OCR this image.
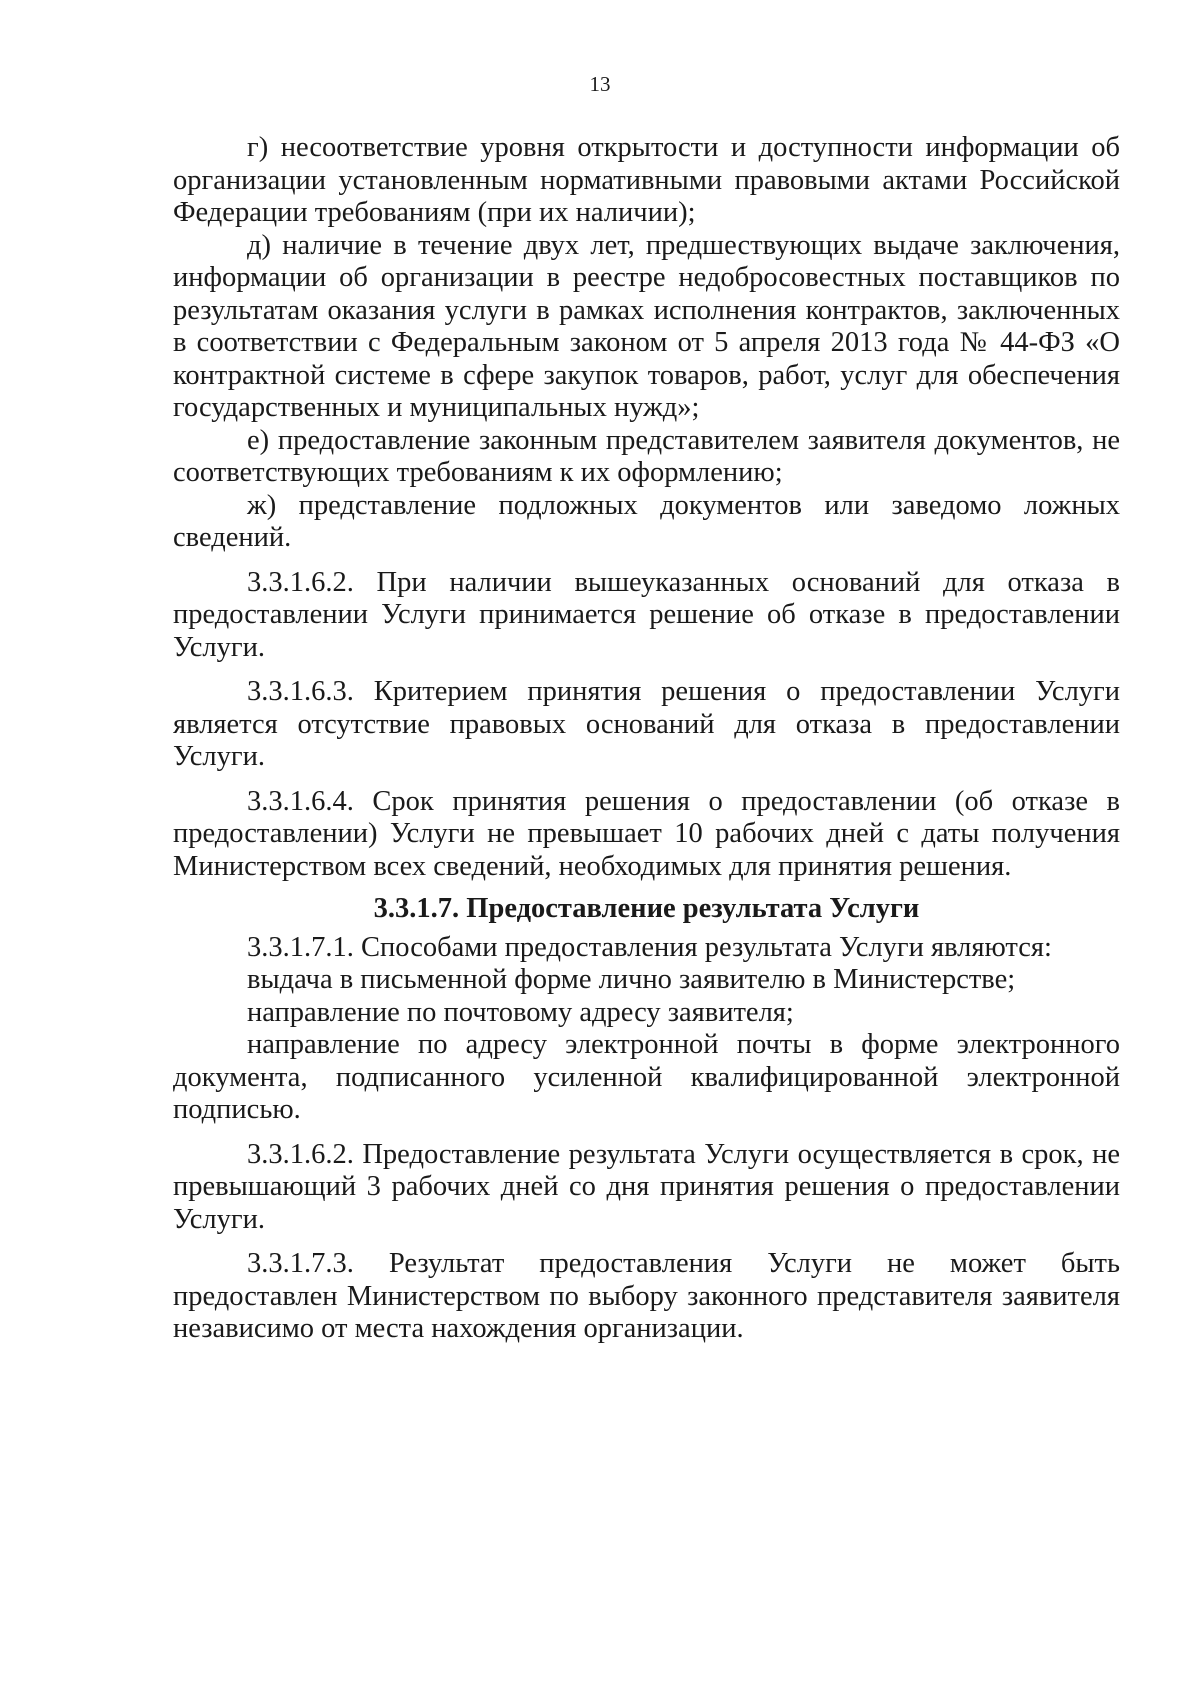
13

г) несоответствие уровня открытости и доступности информации об организации установленным нормативными правовыми актами Российской Федерации требованиям (при их наличии);

д) наличие в течение двух лет, предшествующих выдаче заключения, информации об организации в реестре недобросовестных поставщиков по результатам оказания услуги в рамках исполнения контрактов, заключенных в соответствии с Федеральным законом от 5 апреля 2013 года № 44-ФЗ «О контрактной системе в сфере закупок товаров, работ, услуг для обеспечения государственных и муниципальных нужд»;

е) предоставление законным представителем заявителя документов, не соответствующих требованиям к их оформлению;

ж) представление подложных документов или заведомо ложных сведений.

3.3.1.6.2. При наличии вышеуказанных оснований для отказа в предоставлении Услуги принимается решение об отказе в предоставлении Услуги.

3.3.1.6.3. Критерием принятия решения о предоставлении Услуги является отсутствие правовых оснований для отказа в предоставлении Услуги.

3.3.1.6.4. Срок принятия решения о предоставлении (об отказе в предоставлении) Услуги не превышает 10 рабочих дней с даты получения Министерством всех сведений, необходимых для принятия решения.

3.3.1.7. Предоставление результата Услуги

3.3.1.7.1. Способами предоставления результата Услуги являются:

выдача в письменной форме лично заявителю в Министерстве;

направление по почтовому адресу заявителя;

направление по адресу электронной почты в форме электронного документа, подписанного усиленной квалифицированной электронной подписью.

3.3.1.6.2. Предоставление результата Услуги осуществляется в срок, не превышающий 3 рабочих дней со дня принятия решения о предоставлении Услуги.

3.3.1.7.3. Результат предоставления Услуги не может быть предоставлен Министерством по выбору законного представителя заявителя независимо от места нахождения организации.
